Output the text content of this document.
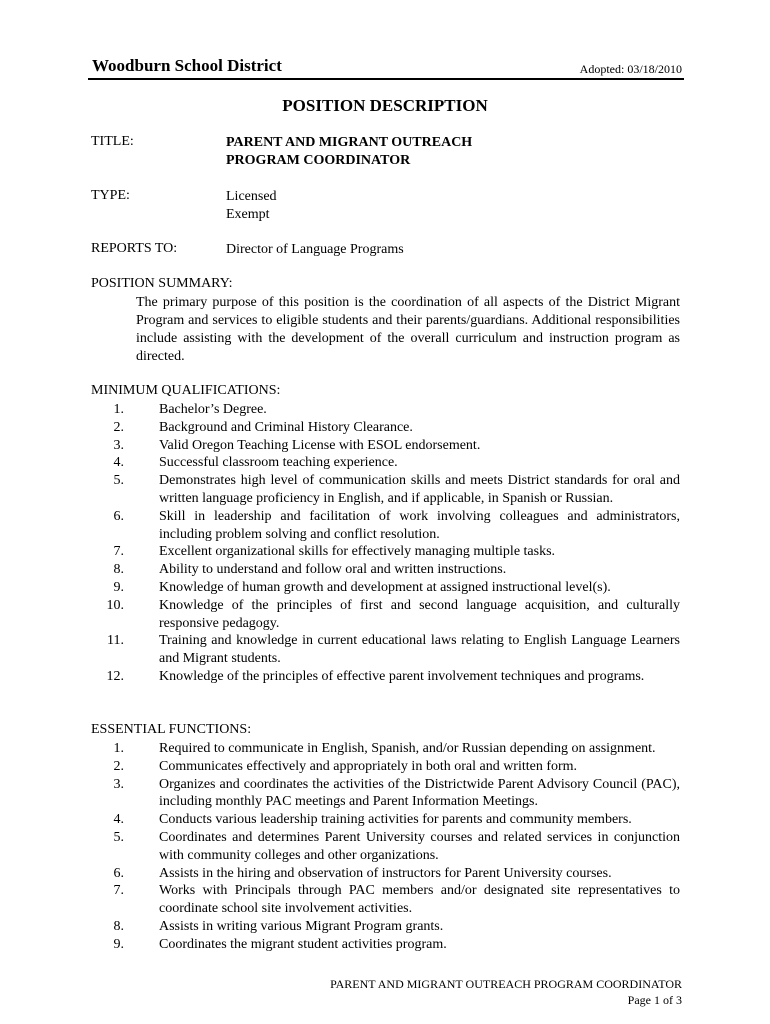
Woodburn School District	Adopted: 03/18/2010
POSITION DESCRIPTION
TITLE:	PARENT AND MIGRANT OUTREACH
PROGRAM COORDINATOR
TYPE:	Licensed
Exempt
REPORTS TO:	Director of Language Programs
POSITION SUMMARY:
The primary purpose of this position is the coordination of all aspects of the District Migrant Program and services to eligible students and their parents/guardians. Additional responsibilities include assisting with the development of the overall curriculum and instruction program as directed.
MINIMUM QUALIFICATIONS:
1.	Bachelor’s Degree.
2.	Background and Criminal History Clearance.
3.	Valid Oregon Teaching License with ESOL endorsement.
4.	Successful classroom teaching experience.
5.	Demonstrates high level of communication skills and meets District standards for oral and written language proficiency in English, and if applicable, in Spanish or Russian.
6.	Skill in leadership and facilitation of work involving colleagues and administrators, including problem solving and conflict resolution.
7.	Excellent organizational skills for effectively managing multiple tasks.
8.	Ability to understand and follow oral and written instructions.
9.	Knowledge of human growth and development at assigned instructional level(s).
10.	Knowledge of the principles of first and second language acquisition, and culturally responsive pedagogy.
11.	Training and knowledge in current educational laws relating to English Language Learners and Migrant students.
12.	Knowledge of the principles of effective parent involvement techniques and programs.
ESSENTIAL FUNCTIONS:
1.	Required to communicate in English, Spanish, and/or Russian depending on assignment.
2.	Communicates effectively and appropriately in both oral and written form.
3.	Organizes and coordinates the activities of the Districtwide Parent Advisory Council (PAC), including monthly PAC meetings and Parent Information Meetings.
4.	Conducts various leadership training activities for parents and community members.
5.	Coordinates and determines Parent University courses and related services in conjunction with community colleges and other organizations.
6.	Assists in the hiring and observation of instructors for Parent University courses.
7.	Works with Principals through PAC members and/or designated site representatives to coordinate school site involvement activities.
8.	Assists in writing various Migrant Program grants.
9.	Coordinates the migrant student activities program.
PARENT AND MIGRANT OUTREACH PROGRAM COORDINATOR
Page 1 of 3
